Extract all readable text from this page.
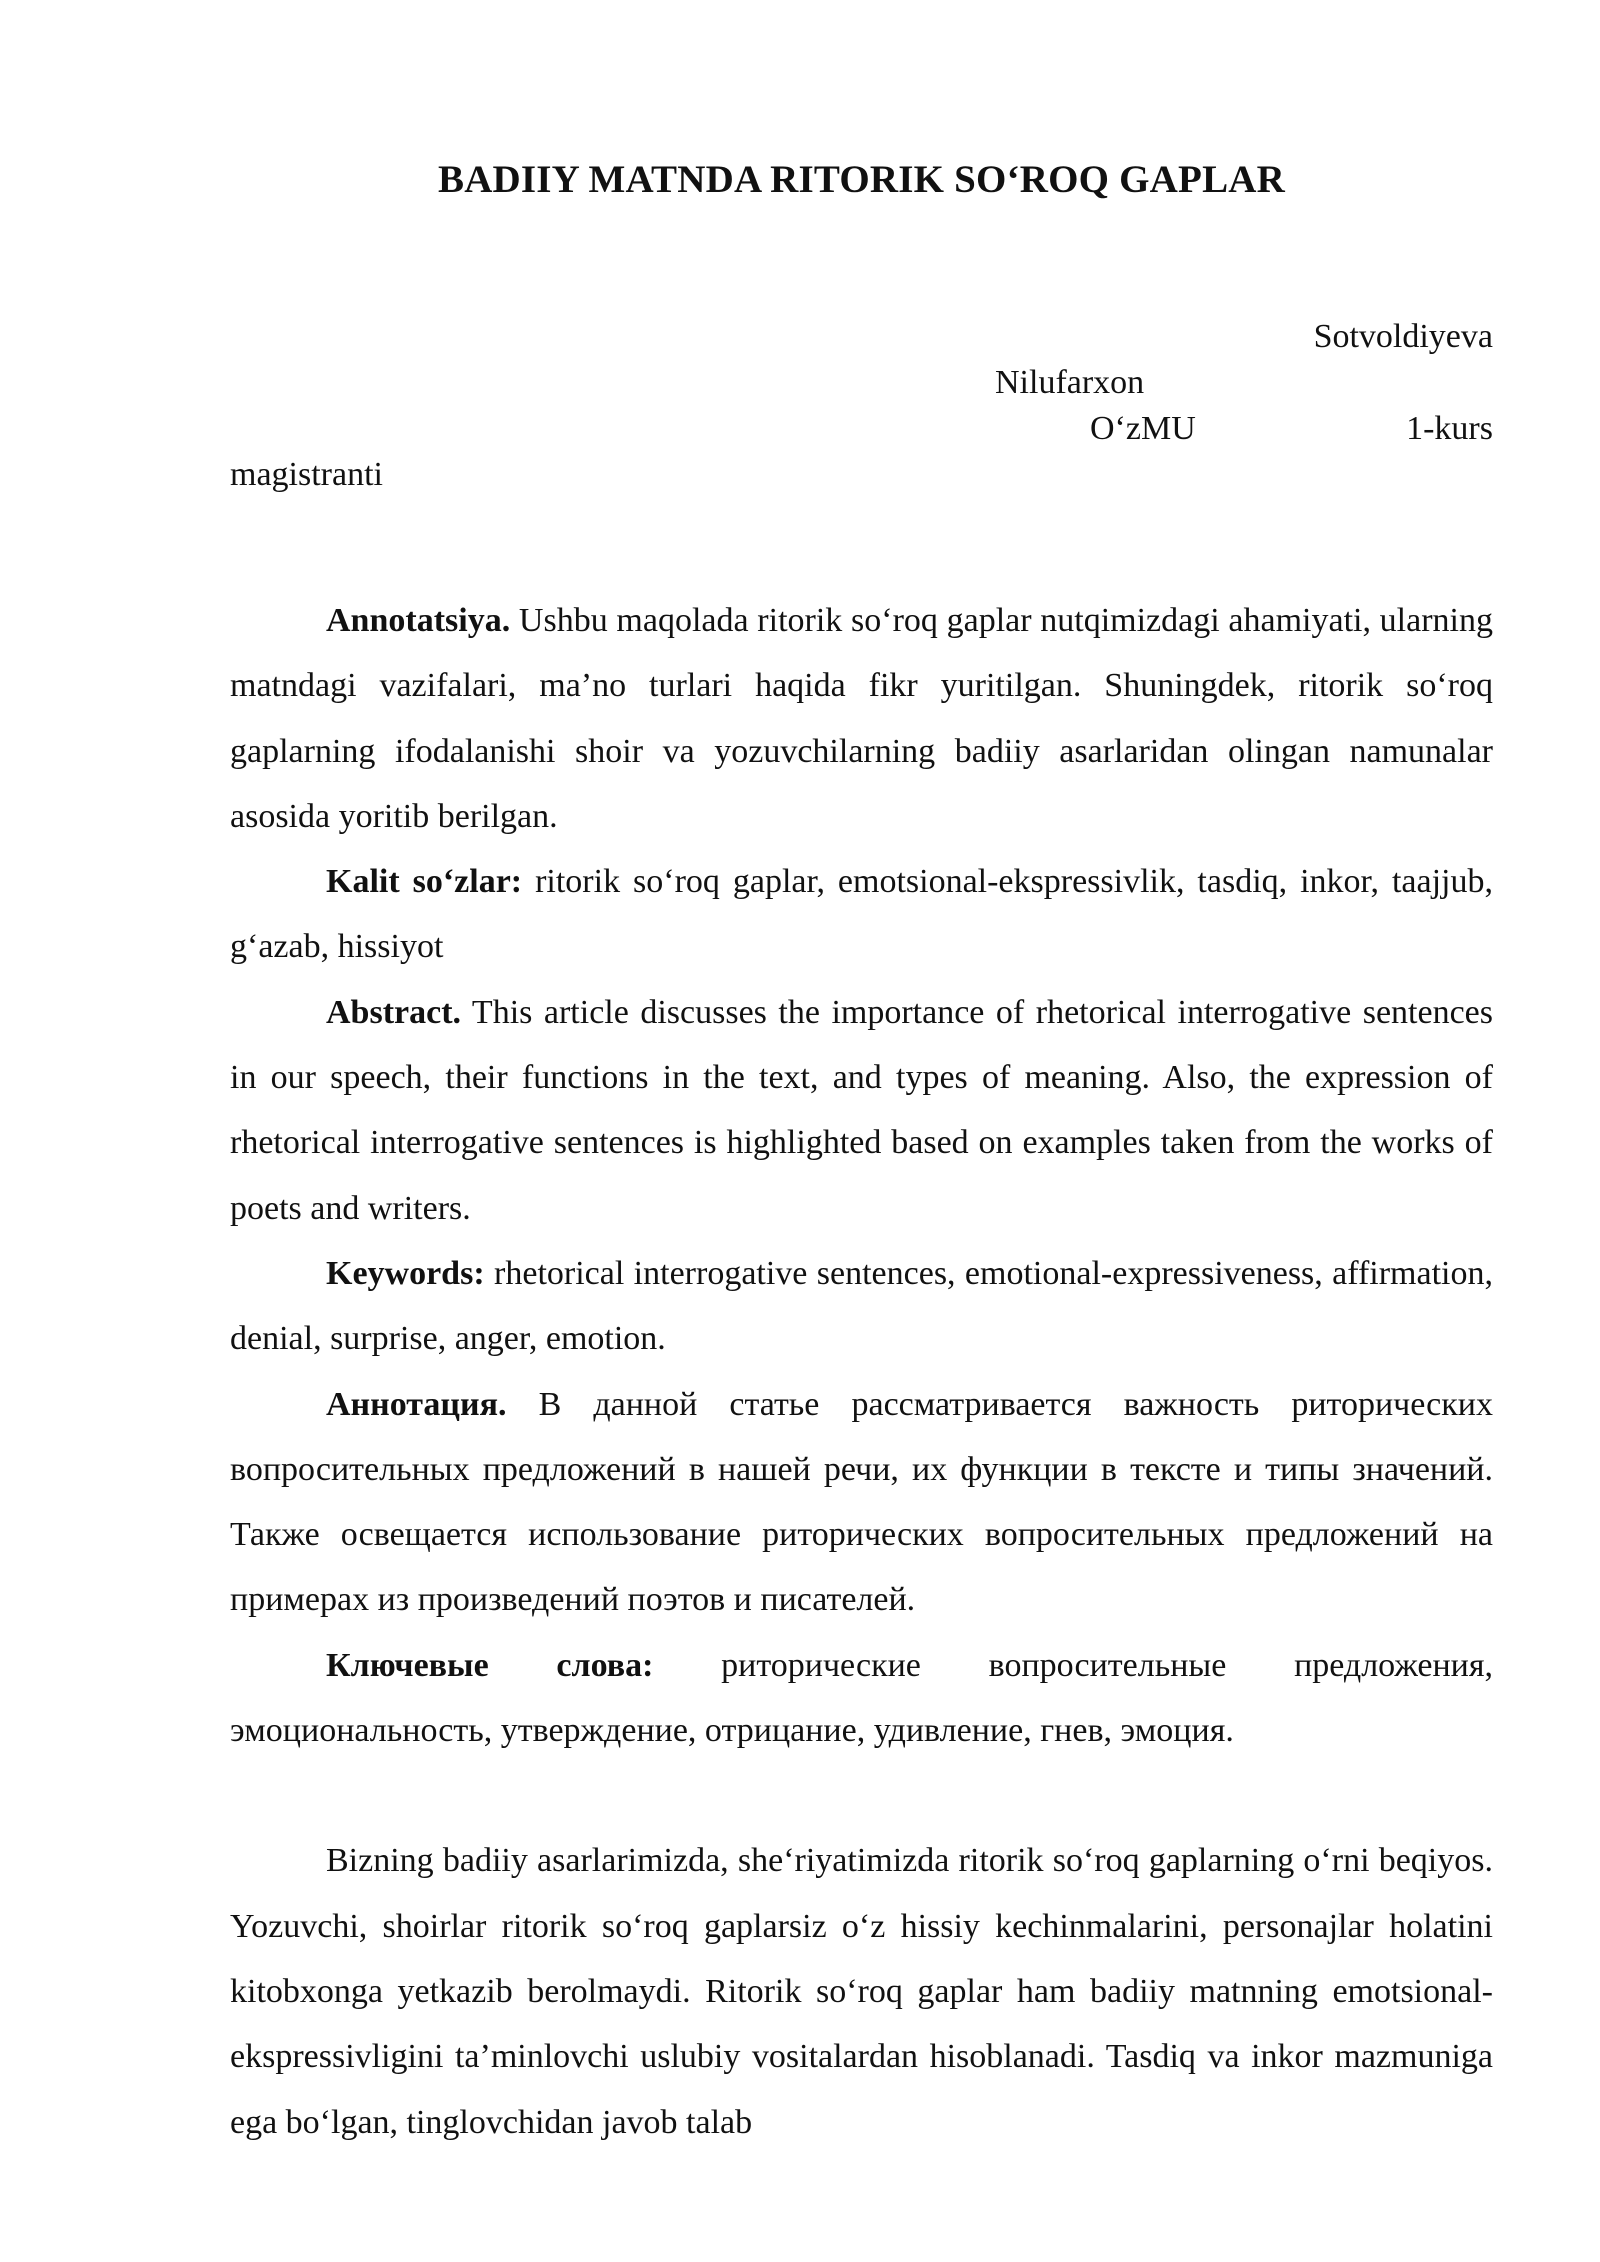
BADIIY MATNDA RITORIK SO‘ROQ GAPLAR
Sotvoldiyeva
Nilufarxon
O‘zMU	1-kurs
magistranti

Annotatsiya. Ushbu maqolada ritorik so‘roq gaplar nutqimizdagi ahamiyati, ularning matndagi vazifalari, ma’no turlari haqida fikr yuritilgan. Shuningdek, ritorik so‘roq gaplarning ifodalanishi shoir va yozuvchilarning badiiy asarlaridan olingan namunalar asosida yoritib berilgan.

Kalit so‘zlar: ritorik so‘roq gaplar, emotsional-ekspressivlik, tasdiq, inkor, taajjub, g‘azab, hissiyot

Abstract. This article discusses the importance of rhetorical interrogative sentences in our speech, their functions in the text, and types of meaning. Also, the expression of rhetorical interrogative sentences is highlighted based on examples taken from the works of poets and writers.

Keywords: rhetorical interrogative sentences, emotional-expressiveness, affirmation, denial, surprise, anger, emotion.

Аннотация. В данной статье рассматривается важность риторических вопросительных предложений в нашей речи, их функции в тексте и типы значений. Также освещается использование риторических вопросительных предложений на примерах из произведений поэтов и писателей.

Ключевые слова: риторические вопросительные предложения, эмоциональность, утверждение, отрицание, удивление, гнев, эмоция.

Bizning badiiy asarlarimizda, she‘riyatimizda ritorik so‘roq gaplarning o‘rni beqiyos. Yozuvchi, shoirlar ritorik so‘roq gaplarsiz o‘z hissiy kechinmalarini, personajlar holatini kitobxonga yetkazib berolmaydi. Ritorik so‘roq gaplar ham badiiy matnning emotsional-ekspressivligini ta’minlovchi uslubiy vositalardan hisoblanadi. Tasdiq va inkor mazmuniga ega bo‘lgan, tinglovchidan javob talab
